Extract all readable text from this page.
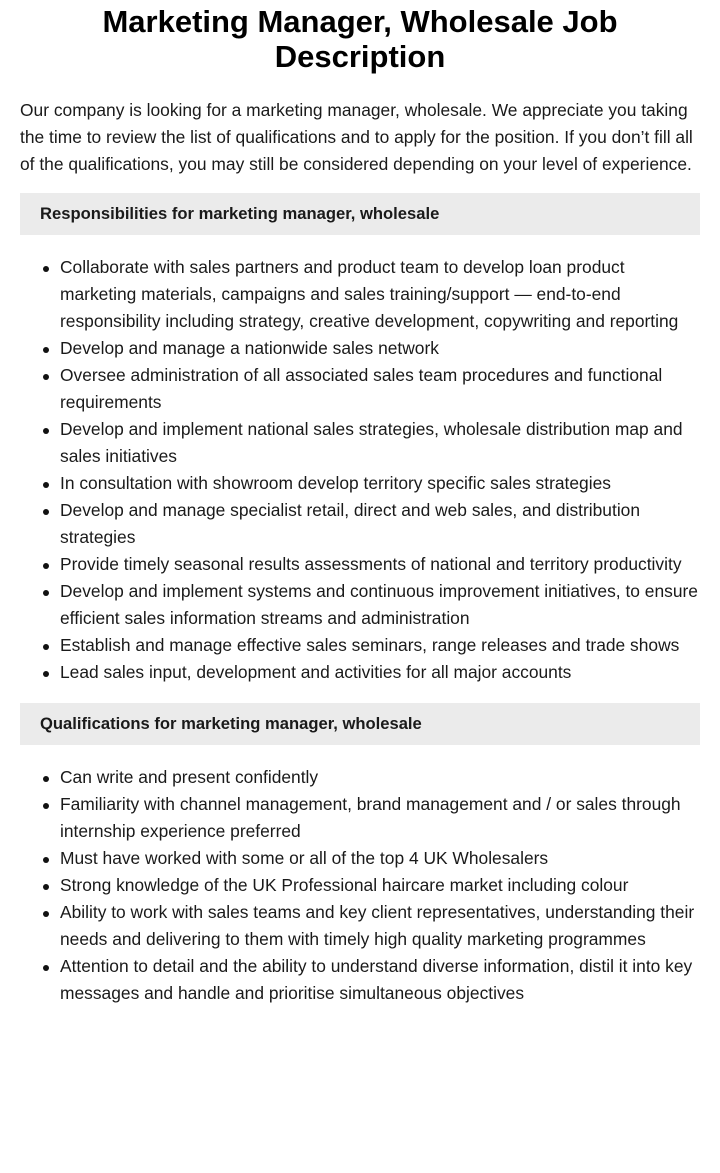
Marketing Manager, Wholesale Job Description

Our company is looking for a marketing manager, wholesale. We appreciate you taking the time to review the list of qualifications and to apply for the position. If you don’t fill all of the qualifications, you may still be considered depending on your level of experience.

Responsibilities for marketing manager, wholesale
Collaborate with sales partners and product team to develop loan product marketing materials, campaigns and sales training/support — end-to-end responsibility including strategy, creative development, copywriting and reporting
Develop and manage a nationwide sales network
Oversee administration of all associated sales team procedures and functional requirements
Develop and implement national sales strategies, wholesale distribution map and sales initiatives
In consultation with showroom develop territory specific sales strategies
Develop and manage specialist retail, direct and web sales, and distribution strategies
Provide timely seasonal results assessments of national and territory productivity
Develop and implement systems and continuous improvement initiatives, to ensure efficient sales information streams and administration
Establish and manage effective sales seminars, range releases and trade shows
Lead sales input, development and activities for all major accounts
Qualifications for marketing manager, wholesale
Can write and present confidently
Familiarity with channel management, brand management and / or sales through internship experience preferred
Must have worked with some or all of the top 4 UK Wholesalers
Strong knowledge of the UK Professional haircare market including colour
Ability to work with sales teams and key client representatives, understanding their needs and delivering to them with timely high quality marketing programmes
Attention to detail and the ability to understand diverse information, distil it into key messages and handle and prioritise simultaneous objectives
